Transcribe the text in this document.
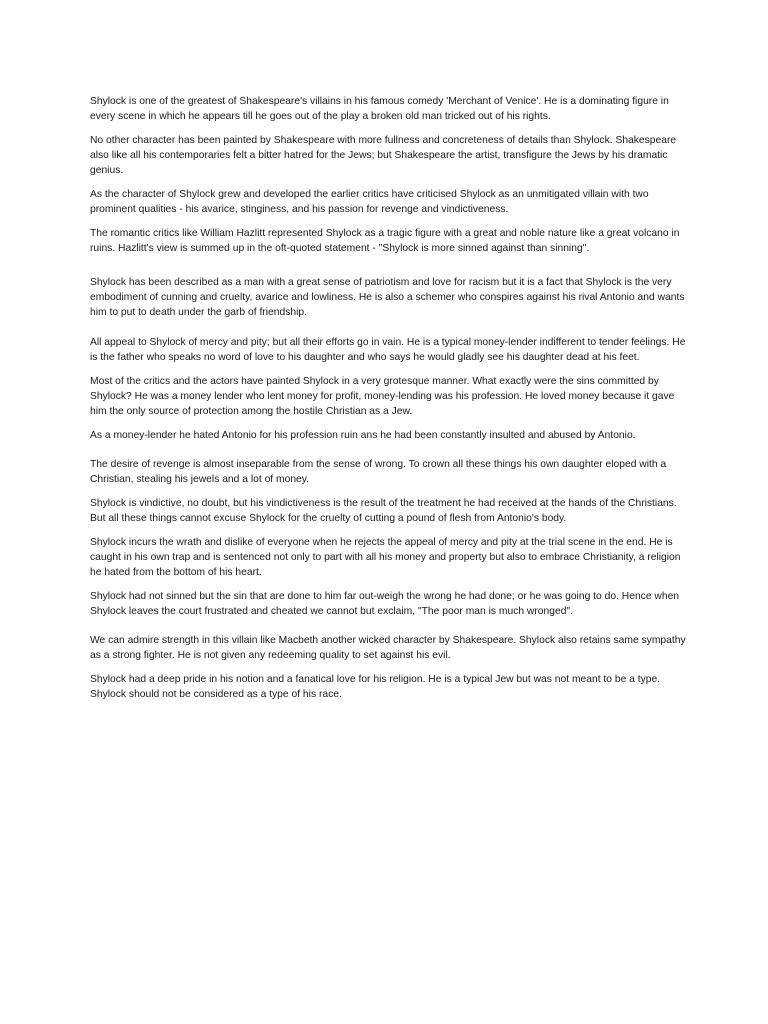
Shylock is one of the greatest of Shakespeare's villains in his famous comedy 'Merchant of Venice'. He is a dominating figure in every scene in which he appears till he goes out of the play a broken old man tricked out of his rights.

No other character has been painted by Shakespeare with more fullness and concreteness of details than Shylock. Shakespeare also like all his contemporaries felt a bitter hatred for the Jews; but Shakespeare the artist, transfigure the Jews by his dramatic genius.

As the character of Shylock grew and developed the earlier critics have criticised Shylock as an unmitigated villain with two prominent qualities - his avarice, stinginess, and his passion for revenge and vindictiveness.

The romantic critics like William Hazlitt represented Shylock as a tragic figure with a great and noble nature like a great volcano in ruins. Hazlitt's view is summed up in the oft-quoted statement - "Shylock is more sinned against than sinning".

Shylock has been described as a man with a great sense of patriotism and love for racism but it is a fact that Shylock is the very embodiment of cunning and cruelty, avarice and lowliness. He is also a schemer who conspires against his rival Antonio and wants him to put to death under the garb of friendship.

All appeal to Shylock of mercy and pity; but all their efforts go in vain. He is a typical money-lender indifferent to tender feelings. He is the father who speaks no word of love to his daughter and who says he would gladly see his daughter dead at his feet.

Most of the critics and the actors have painted Shylock in a very grotesque manner. What exactly were the sins committed by Shylock? He was a money lender who lent money for profit, money-lending was his profession. He loved money because it gave him the only source of protection among the hostile Christian as a Jew.

As a money-lender he hated Antonio for his profession ruin ans he had been constantly insulted and abused by Antonio.

The desire of revenge is almost inseparable from the sense of wrong. To crown all these things his own daughter eloped with a Christian, stealing his jewels and a lot of money.

Shylock is vindictive, no doubt, but his vindictiveness is the result of the treatment he had received at the hands of the Christians. But all these things cannot excuse Shylock for the cruelty of cutting a pound of flesh from Antonio's body.

Shylock incurs the wrath and dislike of everyone when he rejects the appeal of mercy and pity at the trial scene in the end. He is caught in his own trap and is sentenced not only to part with all his money and property but also to embrace Christianity, a religion he hated from the bottom of his heart.

Shylock had not sinned but the sin that are done to him far out-weigh the wrong he had done; or he was going to do. Hence when Shylock leaves the court frustrated and cheated we cannot but exclaim, "The poor man is much wronged".

We can admire strength in this villain like Macbeth another wicked character by Shakespeare. Shylock also retains same sympathy as a strong fighter. He is not given any redeeming quality to set against his evil.

Shylock had a deep pride in his notion and a fanatical love for his religion. He is a typical Jew but was not meant to be a type. Shylock should not be considered as a type of his race.
